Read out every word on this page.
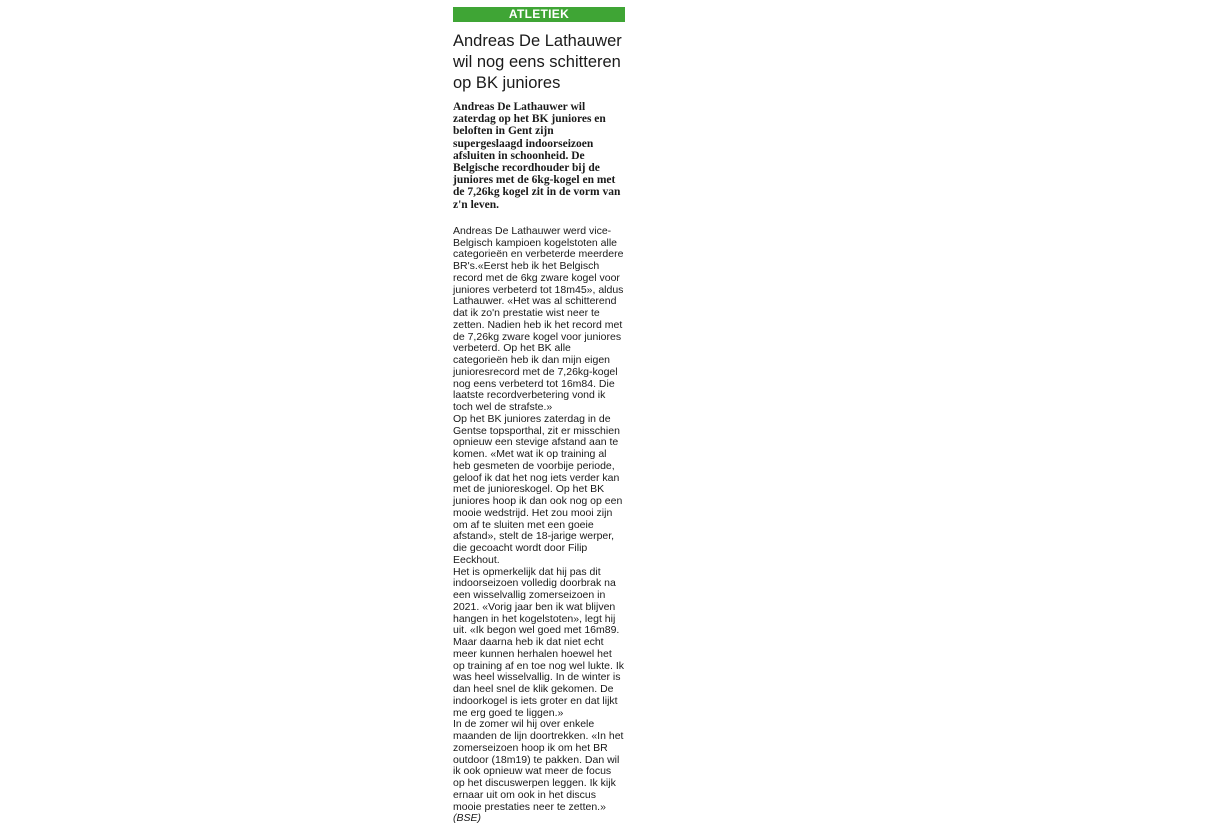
ATLETIEK
Andreas De Lathauwer wil nog eens schitteren op BK juniores

Andreas De Lathauwer wil zaterdag op het BK juniores en beloften in Gent zijn supergeslaagd indoorseizoen afsluiten in schoonheid. De Belgische recordhouder bij de juniores met de 6kg-kogel en met de 7,26kg kogel zit in de vorm van z'n leven.

Andreas De Lathauwer werd vice-Belgisch kampioen kogelstoten alle categorieën en verbeterde meerdere BR's.«Eerst heb ik het Belgisch record met de 6kg zware kogel voor juniores verbeterd tot 18m45», aldus Lathauwer. «Het was al schitterend dat ik zo'n prestatie wist neer te zetten. Nadien heb ik het record met de 7,26kg zware kogel voor juniores verbeterd. Op het BK alle categorieën heb ik dan mijn eigen junioresrecord met de 7,26kg-kogel nog eens verbeterd tot 16m84. Die laatste recordverbetering vond ik toch wel de strafste.»

Op het BK juniores zaterdag in de Gentse topsporthal, zit er misschien opnieuw een stevige afstand aan te komen. «Met wat ik op training al heb gesmeten de voorbije periode, geloof ik dat het nog iets verder kan met de junioreskogel. Op het BK juniores hoop ik dan ook nog op een mooie wedstrijd. Het zou mooi zijn om af te sluiten met een goeie afstand», stelt de 18-jarige werper, die gecoacht wordt door Filip Eeckhout.

Het is opmerkelijk dat hij pas dit indoorseizoen volledig doorbrak na een wisselvallig zomerseizoen in 2021. «Vorig jaar ben ik wat blijven hangen in het kogelstoten», legt hij uit. «Ik begon wel goed met 16m89. Maar daarna heb ik dat niet echt meer kunnen herhalen hoewel het op training af en toe nog wel lukte. Ik was heel wisselvallig. In de winter is dan heel snel de klik gekomen. De indoorkogel is iets groter en dat lijkt me erg goed te liggen.»

In de zomer wil hij over enkele maanden de lijn doortrekken. «In het zomerseizoen hoop ik om het BR outdoor (18m19) te pakken. Dan wil ik ook opnieuw wat meer de focus op het discuswerpen leggen. Ik kijk ernaar uit om ook in het discus mooie prestaties neer te zetten.» (BSE)
